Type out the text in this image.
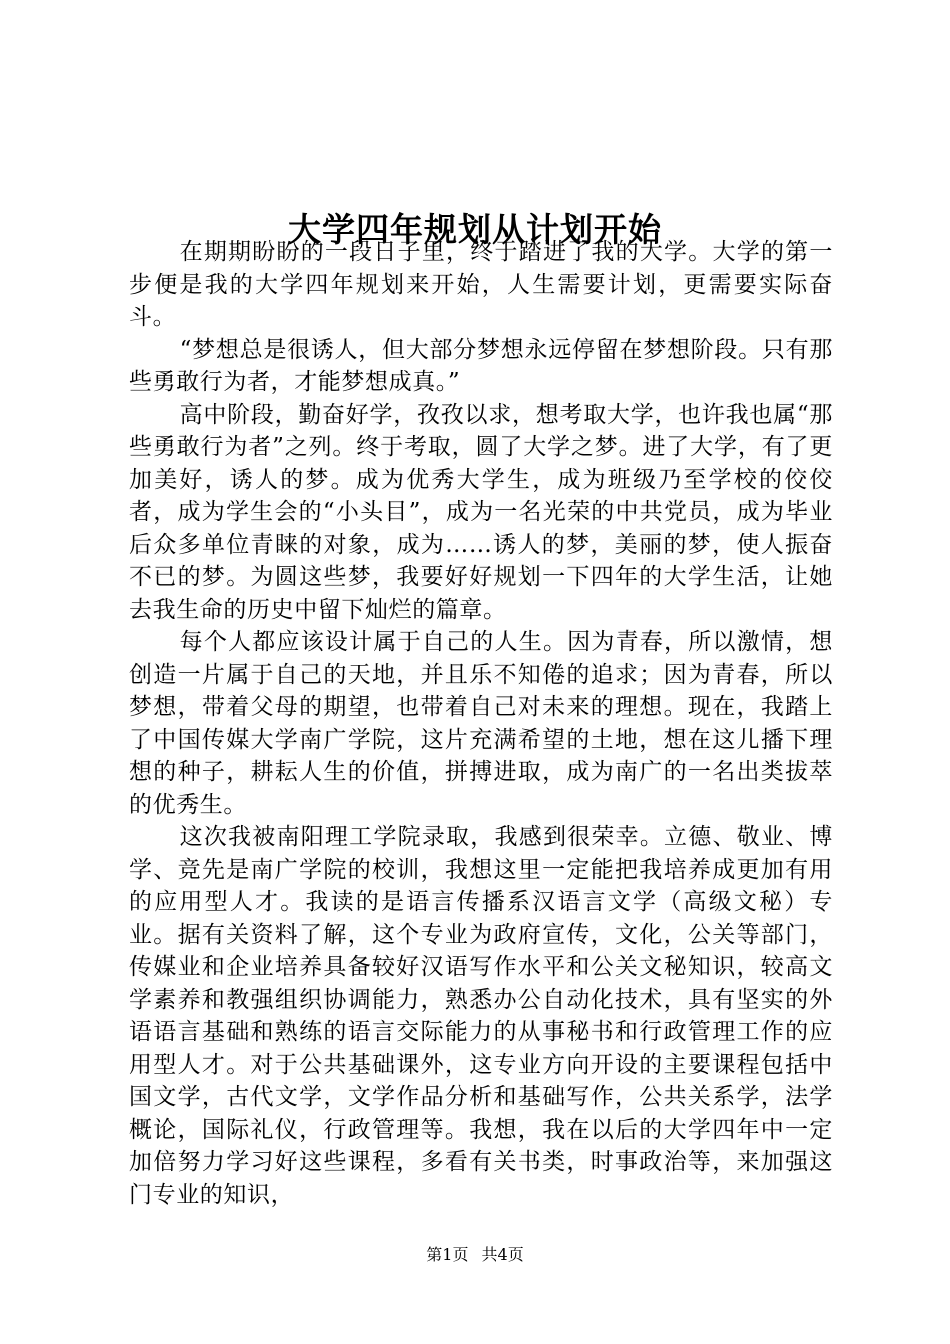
大学四年规划从计划开始

在期期盼盼的一段日子里，终于踏进了我的大学。大学的第一步便是我的大学四年规划来开始，人生需要计划，更需要实际奋斗。

“梦想总是很诱人，但大部分梦想永远停留在梦想阶段。只有那些勇敢行为者，才能梦想成真。”

高中阶段，勤奋好学，孜孜以求，想考取大学，也许我也属“那些勇敢行为者”之列。终于考取，圆了大学之梦。进了大学，有了更加美好，诱人的梦。成为优秀大学生，成为班级乃至学校的佼佼者，成为学生会的“小头目”，成为一名光荣的中共党员，成为毕业后众多单位青睐的对象，成为……诱人的梦，美丽的梦，使人振奋不已的梦。为圆这些梦，我要好好规划一下四年的大学生活，让她去我生命的历史中留下灿烂的篇章。

每个人都应该设计属于自己的人生。因为青春，所以激情，想创造一片属于自己的天地，并且乐不知倦的追求；因为青春，所以梦想，带着父母的期望，也带着自己对未来的理想。现在，我踏上了中国传媒大学南广学院，这片充满希望的土地，想在这儿播下理想的种子，耕耘人生的价值，拼搏进取，成为南广的一名出类拔萃的优秀生。

这次我被南阳理工学院录取，我感到很荣幸。立德、敬业、博学、竞先是南广学院的校训，我想这里一定能把我培养成更加有用的应用型人才。我读的是语言传播系汉语言文学（高级文秘）专业。据有关资料了解，这个专业为政府宣传，文化，公关等部门，传媒业和企业培养具备较好汉语写作水平和公关文秘知识，较高文学素养和教强组织协调能力，熟悉办公自动化技术，具有坚实的外语语言基础和熟练的语言交际能力的从事秘书和行政管理工作的应用型人才。对于公共基础课外，这专业方向开设的主要课程包括中国文学，古代文学，文学作品分析和基础写作，公共关系学，法学概论，国际礼仪，行政管理等。我想，我在以后的大学四年中一定加倍努力学习好这些课程，多看有关书类，时事政治等，来加强这门专业的知识，

第1页 共4页
